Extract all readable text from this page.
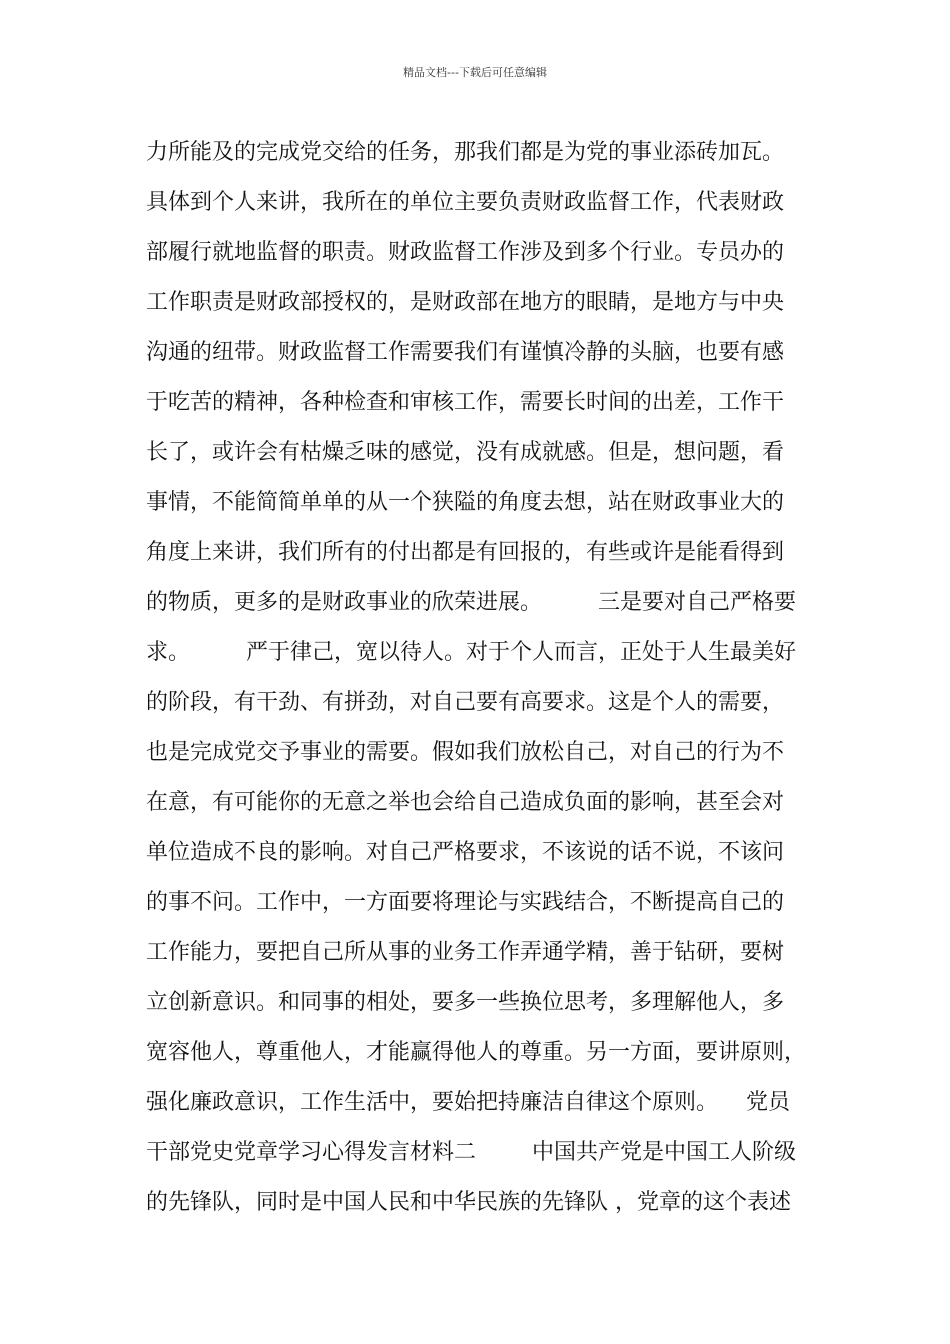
精品文档---下载后可任意编辑
力所能及的完成党交给的任务，那我们都是为党的事业添砖加瓦。
具体到个人来讲，我所在的单位主要负责财政监督工作，代表财政
部履行就地监督的职责。财政监督工作涉及到多个行业。专员办的
工作职责是财政部授权的，是财政部在地方的眼睛，是地方与中央
沟通的纽带。财政监督工作需要我们有谨慎冷静的头脑，也要有感
于吃苦的精神，各种检查和审核工作，需要长时间的出差，工作干
长了，或许会有枯燥乏味的感觉，没有成就感。但是，想问题，看
事情，不能简简单单的从一个狭隘的角度去想，站在财政事业大的
角度上来讲，我们所有的付出都是有回报的，有些或许是能看得到
的物质，更多的是财政事业的欣荣进展。        三是要对自己严格要
求。        严于律己，宽以待人。对于个人而言，正处于人生最美好
的阶段，有干劲、有拼劲，对自己要有高要求。这是个人的需要，
也是完成党交予事业的需要。假如我们放松自己，对自己的行为不
在意，有可能你的无意之举也会给自己造成负面的影响，甚至会对
单位造成不良的影响。对自己严格要求，不该说的话不说，不该问
的事不问。工作中，一方面要将理论与实践结合，不断提高自己的
工作能力，要把自己所从事的业务工作弄通学精，善于钻研，要树
立创新意识。和同事的相处，要多一些换位思考，多理解他人，多
宽容他人，尊重他人，才能赢得他人的尊重。另一方面，要讲原则，
强化廉政意识，工作生活中，要始把持廉洁自律这个原则。    党员
干部党史党章学习心得发言材料二        中国共产党是中国工人阶级
的先锋队，同时是中国人民和中华民族的先锋队 ，党章的这个表述
